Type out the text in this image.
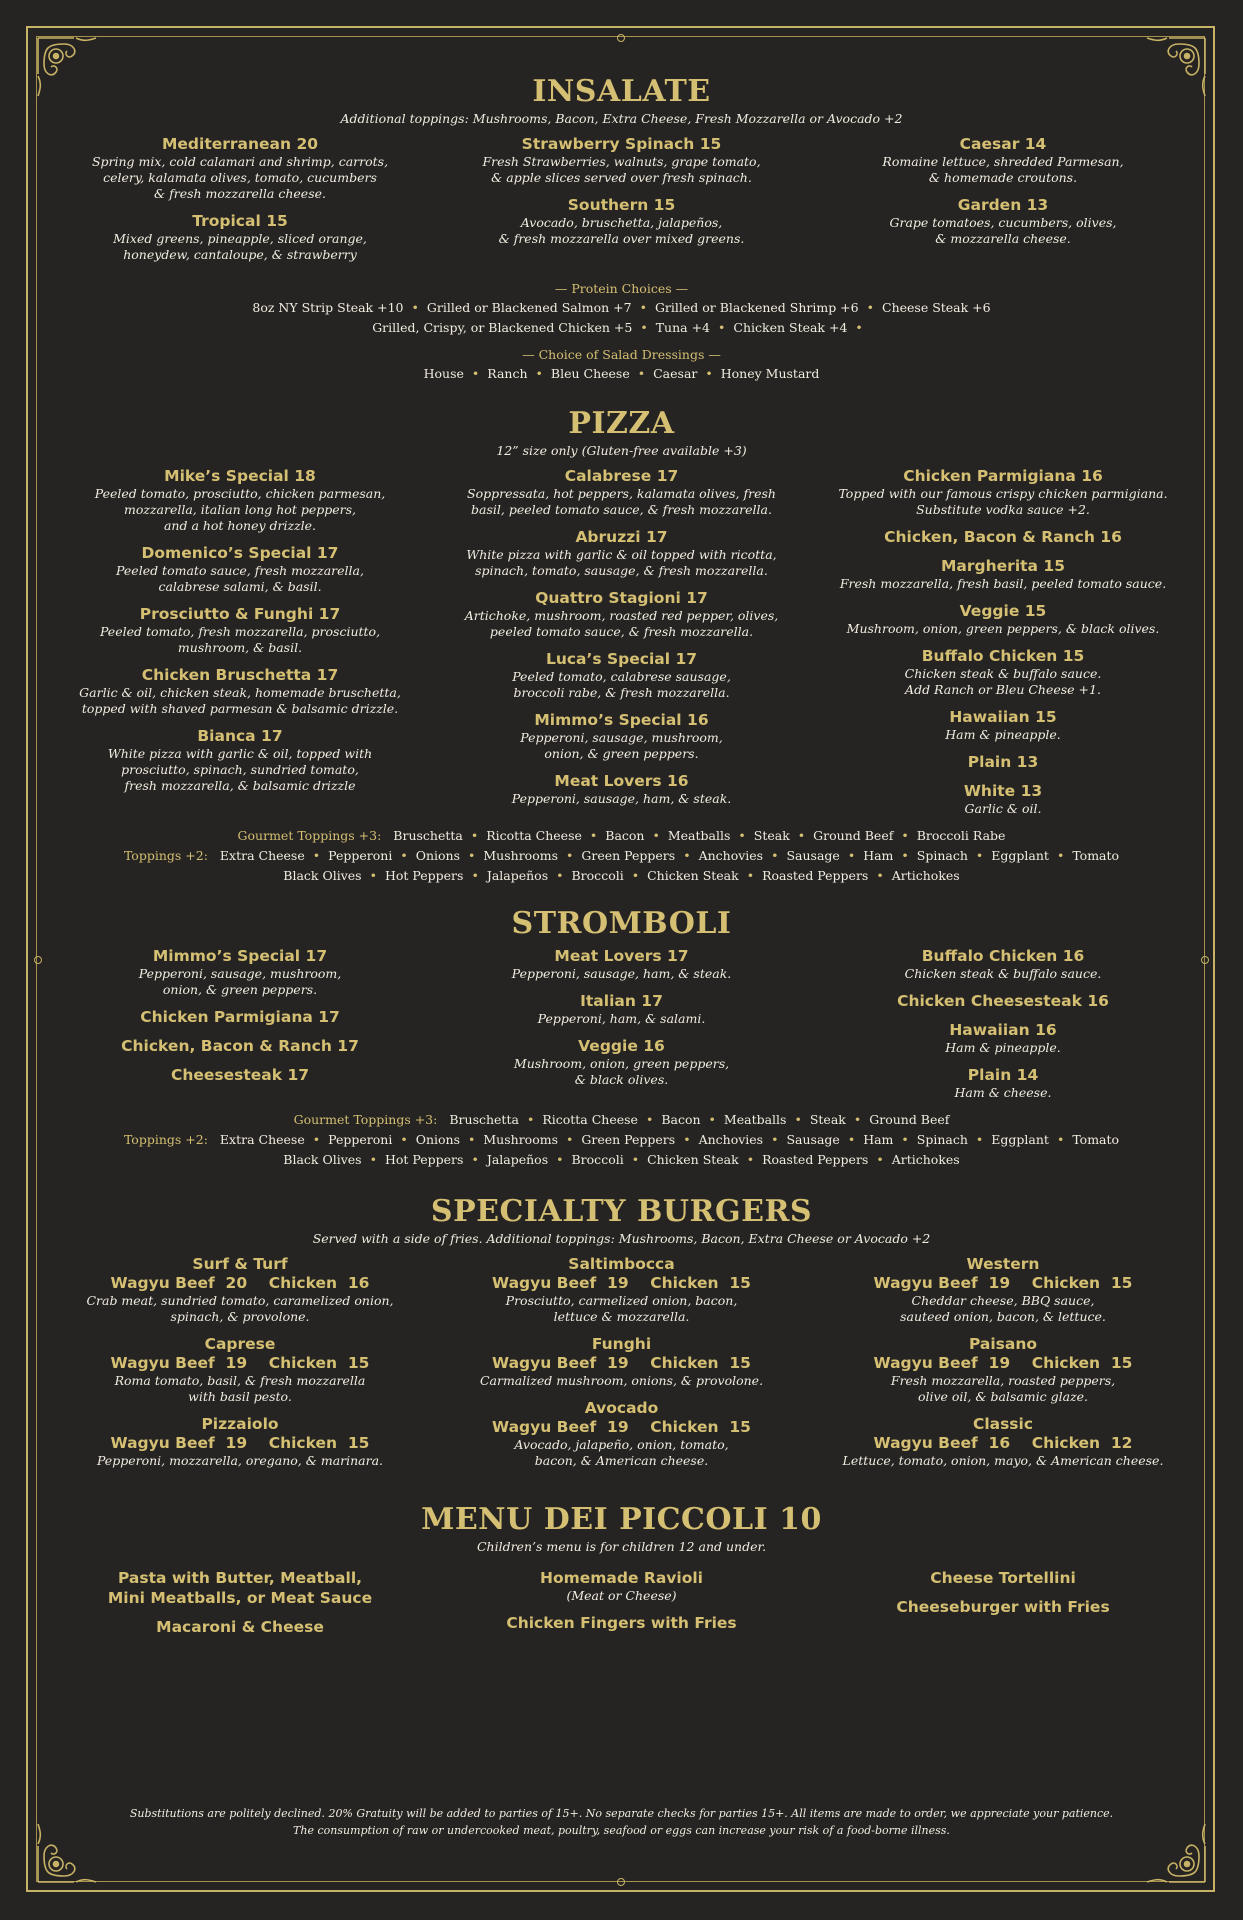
INSALATE

Additional toppings: Mushrooms, Bacon, Extra Cheese, Fresh Mozzarella or Avocado +2

Mediterranean 20
Spring mix, cold calamari and shrimp, carrots,
celery, kalamata olives, tomato, cucumbers
& fresh mozzarella cheese.
Tropical 15
Mixed greens, pineapple, sliced orange,
honeydew, cantaloupe, & strawberry
Strawberry Spinach 15
Fresh Strawberries, walnuts, grape tomato,
& apple slices served over fresh spinach.
Southern 15
Avocado, bruschetta, jalapeños,
& fresh mozzarella over mixed greens.
Caesar 14
Romaine lettuce, shredded Parmesan,
& homemade croutons.
Garden 13
Grape tomatoes, cucumbers, olives,
& mozzarella cheese.
— Protein Choices —
8oz NY Strip Steak +10 • Grilled or Blackened Salmon +7 • Grilled or Blackened Shrimp +6 • Cheese Steak +6
Grilled, Crispy, or Blackened Chicken +5 • Tuna +4 • Chicken Steak +4 •
— Choice of Salad Dressings —
House • Ranch • Bleu Cheese • Caesar • Honey Mustard
PIZZA

12” size only (Gluten-free available +3)

Mike’s Special 18
Peeled tomato, prosciutto, chicken parmesan,
mozzarella, italian long hot peppers,
and a hot honey drizzle.
Domenico’s Special 17
Peeled tomato sauce, fresh mozzarella,
calabrese salami, & basil.
Prosciutto & Funghi 17
Peeled tomato, fresh mozzarella, prosciutto,
mushroom, & basil.
Chicken Bruschetta 17
Garlic & oil, chicken steak, homemade bruschetta,
topped with shaved parmesan & balsamic drizzle.
Bianca 17
White pizza with garlic & oil, topped with
prosciutto, spinach, sundried tomato,
fresh mozzarella, & balsamic drizzle
Calabrese 17
Soppressata, hot peppers, kalamata olives, fresh
basil, peeled tomato sauce, & fresh mozzarella.
Abruzzi 17
White pizza with garlic & oil topped with ricotta,
spinach, tomato, sausage, & fresh mozzarella.
Quattro Stagioni 17
Artichoke, mushroom, roasted red pepper, olives,
peeled tomato sauce, & fresh mozzarella.
Luca’s Special 17
Peeled tomato, calabrese sausage,
broccoli rabe, & fresh mozzarella.
Mimmo’s Special 16
Pepperoni, sausage, mushroom,
onion, & green peppers.
Meat Lovers 16
Pepperoni, sausage, ham, & steak.
Chicken Parmigiana 16
Topped with our famous crispy chicken parmigiana.
Substitute vodka sauce +2.
Chicken, Bacon & Ranch 16
Margherita 15
Fresh mozzarella, fresh basil, peeled tomato sauce.
Veggie 15
Mushroom, onion, green peppers, & black olives.
Buffalo Chicken 15
Chicken steak & buffalo sauce.
Add Ranch or Bleu Cheese +1.
Hawaiian 15
Ham & pineapple.
Plain 13
White 13
Garlic & oil.
Gourmet Toppings +3: Bruschetta • Ricotta Cheese • Bacon • Meatballs • Steak • Ground Beef • Broccoli Rabe
Toppings +2: Extra Cheese • Pepperoni • Onions • Mushrooms • Green Peppers • Anchovies • Sausage • Ham • Spinach • Eggplant • Tomato
Black Olives • Hot Peppers • Jalapeños • Broccoli • Chicken Steak • Roasted Peppers • Artichokes
STROMBOLI
Mimmo’s Special 17
Pepperoni, sausage, mushroom,
onion, & green peppers.
Chicken Parmigiana 17
Chicken, Bacon & Ranch 17
Cheesesteak 17
Meat Lovers 17
Pepperoni, sausage, ham, & steak.
Italian 17
Pepperoni, ham, & salami.
Veggie 16
Mushroom, onion, green peppers,
& black olives.
Buffalo Chicken 16
Chicken steak & buffalo sauce.
Chicken Cheesesteak 16
Hawaiian 16
Ham & pineapple.
Plain 14
Ham & cheese.
Gourmet Toppings +3: Bruschetta • Ricotta Cheese • Bacon • Meatballs • Steak • Ground Beef
Toppings +2: Extra Cheese • Pepperoni • Onions • Mushrooms • Green Peppers • Anchovies • Sausage • Ham • Spinach • Eggplant • Tomato
Black Olives • Hot Peppers • Jalapeños • Broccoli • Chicken Steak • Roasted Peppers • Artichokes
SPECIALTY BURGERS

Served with a side of fries. Additional toppings: Mushrooms, Bacon, Extra Cheese or Avocado +2

Surf & Turf
Wagyu Beef  20    Chicken  16
Crab meat, sundried tomato, caramelized onion,
spinach, & provolone.
Caprese
Wagyu Beef  19    Chicken  15
Roma tomato, basil, & fresh mozzarella
with basil pesto.
Pizzaiolo
Wagyu Beef  19    Chicken  15
Pepperoni, mozzarella, oregano, & marinara.
Saltimbocca
Wagyu Beef  19    Chicken  15
Prosciutto, carmelized onion, bacon,
lettuce & mozzarella.
Funghi
Wagyu Beef  19    Chicken  15
Carmalized mushroom, onions, & provolone.
Avocado
Wagyu Beef  19    Chicken  15
Avocado, jalapeño, onion, tomato,
bacon, & American cheese.
Western
Wagyu Beef  19    Chicken  15
Cheddar cheese, BBQ sauce,
sauteed onion, bacon, & lettuce.
Paisano
Wagyu Beef  19    Chicken  15
Fresh mozzarella, roasted peppers,
olive oil, & balsamic glaze.
Classic
Wagyu Beef  16    Chicken  12
Lettuce, tomato, onion, mayo, & American cheese.
MENU DEI PICCOLI 10

Children’s menu is for children 12 and under.

Pasta with Butter, Meatball,
Mini Meatballs, or Meat Sauce
Macaroni & Cheese
Homemade Ravioli
(Meat or Cheese)
Chicken Fingers with Fries
Cheese Tortellini
Cheeseburger with Fries
Substitutions are politely declined. 20% Gratuity will be added to parties of 15+. No separate checks for parties 15+. All items are made to order, we appreciate your patience.
The consumption of raw or undercooked meat, poultry, seafood or eggs can increase your risk of a food-borne illness.
